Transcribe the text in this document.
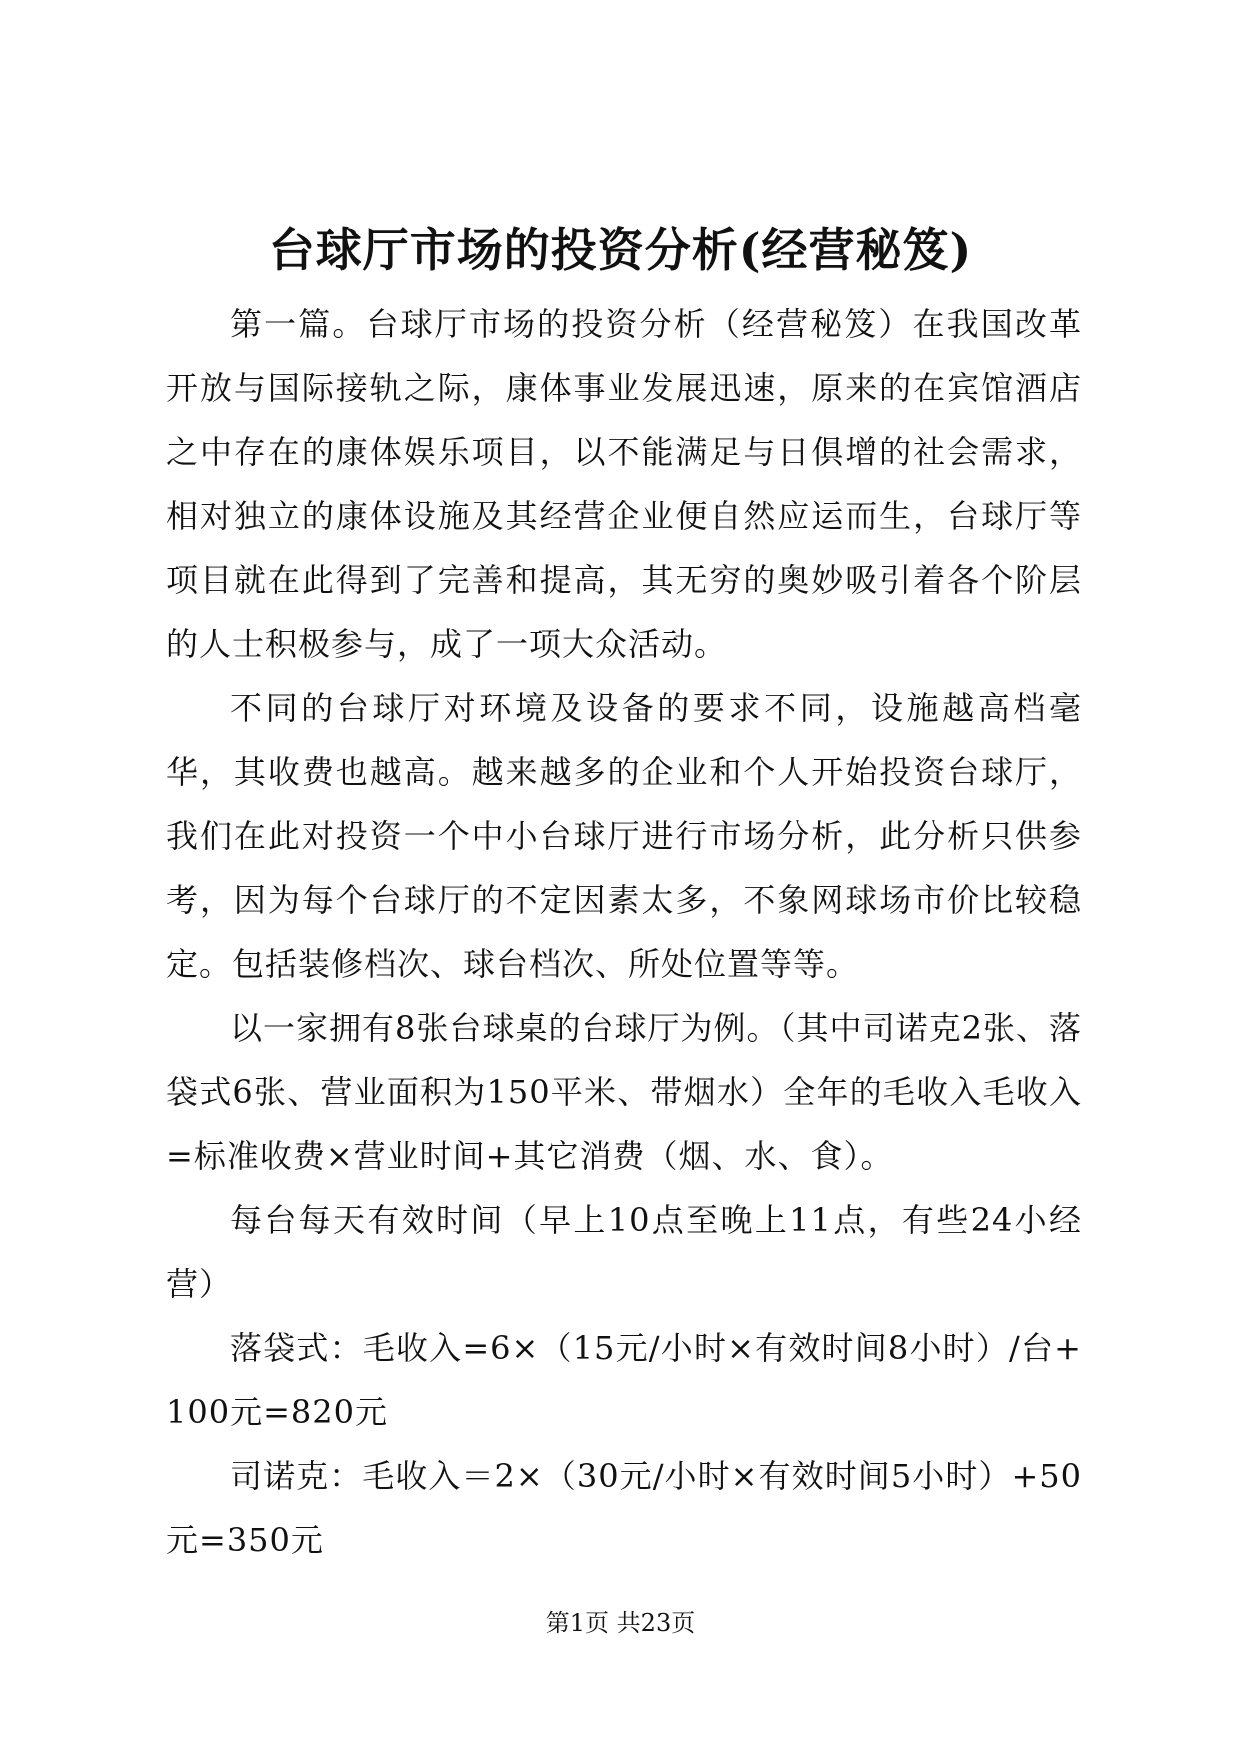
台球厅市场的投资分析(经营秘笈)

第一篇。台球厅市场的投资分析（经营秘笈）在我国改革开放与国际接轨之际，康体事业发展迅速，原来的在宾馆酒店之中存在的康体娱乐项目，以不能满足与日俱增的社会需求，相对独立的康体设施及其经营企业便自然应运而生，台球厅等项目就在此得到了完善和提高，其无穷的奥妙吸引着各个阶层的人士积极参与，成了一项大众活动。

不同的台球厅对环境及设备的要求不同，设施越高档毫华，其收费也越高。越来越多的企业和个人开始投资台球厅，我们在此对投资一个中小台球厅进行市场分析，此分析只供参考，因为每个台球厅的不定因素太多，不象网球场市价比较稳定。包括装修档次、球台档次、所处位置等等。

以一家拥有8张台球桌的台球厅为例。（其中司诺克2张、落袋式6张、营业面积为150平米、带烟水）全年的毛收入毛收入=标准收费×营业时间+其它消费（烟、水、食）。

每台每天有效时间（早上10点至晚上11点，有些24小经营）

落袋式：毛收入=6×（15元/小时×有效时间8小时）/台+100元=820元

司诺克：毛收入＝2×（30元/小时×有效时间5小时）+50元=350元

第1页 共23页
